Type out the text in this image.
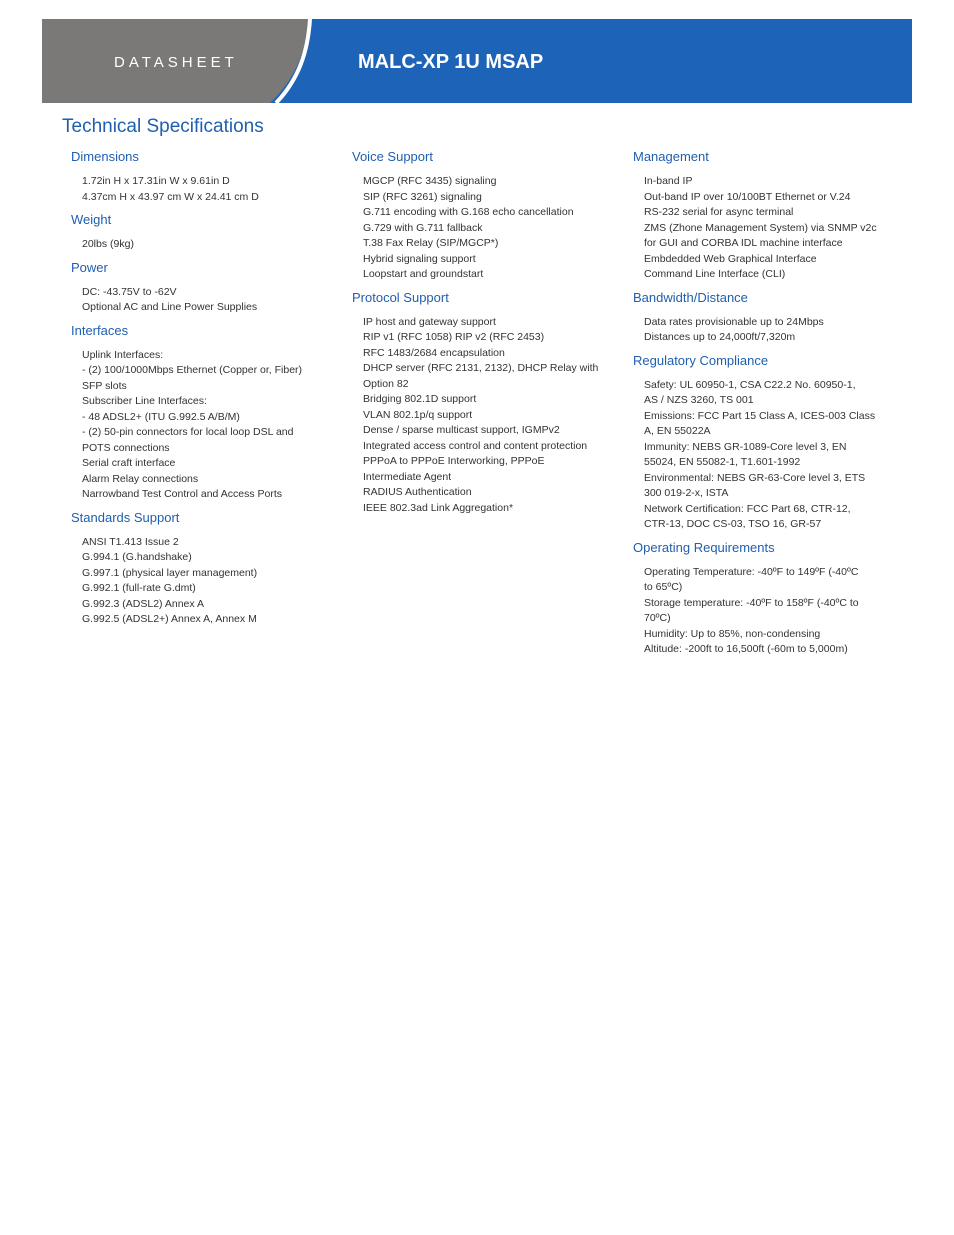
DATASHEET	MALC-XP 1U MSAP
Technical Specifications
Dimensions
1.72in H x 17.31in W x 9.61in D
4.37cm H x 43.97 cm W x 24.41 cm D
Weight
20lbs (9kg)
Power
DC: -43.75V to -62V
Optional AC and Line Power Supplies
Interfaces
Uplink Interfaces:
- (2) 100/1000Mbps Ethernet (Copper or, Fiber)
SFP slots
Subscriber Line Interfaces:
- 48 ADSL2+ (ITU G.992.5 A/B/M)
- (2) 50-pin connectors for local loop DSL and
POTS connections
Serial craft interface
Alarm Relay connections
Narrowband Test Control and Access Ports
Standards Support
ANSI T1.413 Issue 2
G.994.1 (G.handshake)
G.997.1 (physical layer management)
G.992.1 (full-rate G.dmt)
G.992.3 (ADSL2) Annex A
G.992.5 (ADSL2+) Annex A, Annex M
Voice Support
MGCP (RFC 3435) signaling
SIP (RFC 3261) signaling
G.711 encoding with G.168 echo cancellation
G.729 with G.711 fallback
T.38 Fax Relay (SIP/MGCP*)
Hybrid signaling support
Loopstart and groundstart
Protocol Support
IP host and gateway support
RIP v1 (RFC 1058) RIP v2 (RFC 2453)
RFC 1483/2684 encapsulation
DHCP server (RFC 2131, 2132), DHCP Relay with
Option 82
Bridging 802.1D support
VLAN 802.1p/q support
Dense / sparse multicast support, IGMPv2
Integrated access control and content protection
PPPoA to PPPoE Interworking, PPPoE
Intermediate Agent
RADIUS Authentication
IEEE 802.3ad Link Aggregation*
Management
In-band IP
Out-band IP over 10/100BT Ethernet or V.24
RS-232 serial for async terminal
ZMS (Zhone Management System) via SNMP v2c
for GUI and CORBA IDL machine interface
Embdedded Web Graphical Interface
Command Line Interface (CLI)
Bandwidth/Distance
Data rates provisionable up to 24Mbps
Distances up to 24,000ft/7,320m
Regulatory Compliance
Safety: UL 60950-1, CSA C22.2 No. 60950-1,
AS / NZS 3260, TS 001
Emissions: FCC Part 15 Class A, ICES-003 Class
A, EN 55022A
Immunity: NEBS GR-1089-Core level 3, EN
55024, EN 55082-1, T1.601-1992
Environmental: NEBS GR-63-Core level 3, ETS
300 019-2-x, ISTA
Network Certification: FCC Part 68, CTR-12,
CTR-13, DOC CS-03, TSO 16, GR-57
Operating Requirements
Operating Temperature: -40ºF to 149ºF (-40ºC
to 65ºC)
Storage temperature: -40ºF to 158ºF (-40ºC to
70ºC)
Humidity: Up to 85%, non-condensing
Altitude: -200ft to 16,500ft (-60m to 5,000m)
